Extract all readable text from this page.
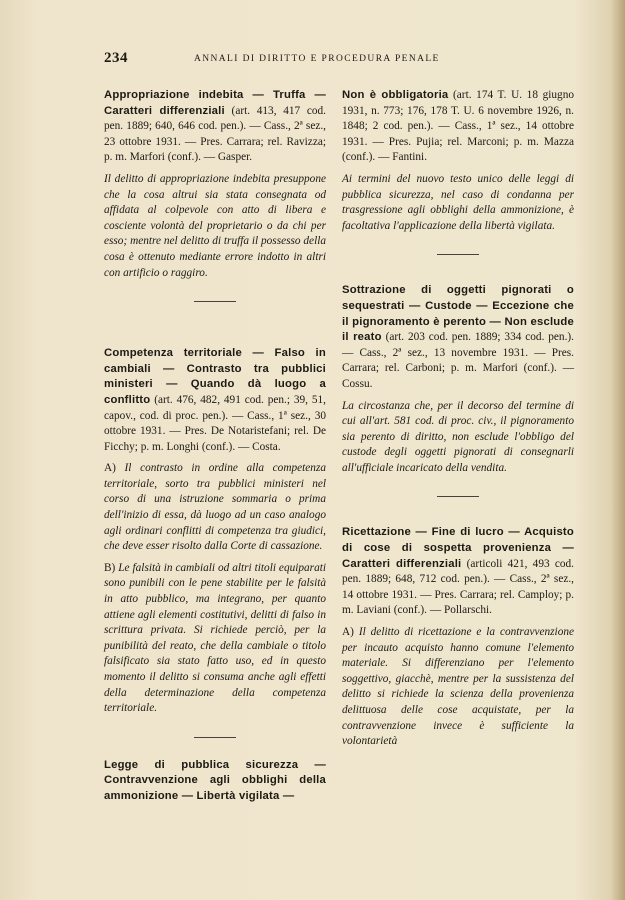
234	ANNALI DI DIRITTO E PROCEDURA PENALE

Appropriazione indebita — Truffa — Caratteri differenziali (art. 413, 417 cod. pen. 1889; 640, 646 cod. pen.). — Cass., 2ª sez., 23 ottobre 1931. — Pres. Carrara; rel. Ravizza; p. m. Marfori (conf.). — Gasper.

Il delitto di appropriazione indebita presuppone che la cosa altrui sia stata consegnata od affidata al colpevole con atto di libera e cosciente volontà del proprietario o da chi per esso; mentre nel delitto di truffa il possesso della cosa è ottenuto mediante errore indotto in altri con artificio o raggiro.

Competenza territoriale — Falso in cambiali — Contrasto tra pubblici ministeri — Quando dà luogo a conflitto (art. 476, 482, 491 cod. pen.; 39, 51, capov., cod. di proc. pen.). — Cass., 1ª sez., 30 ottobre 1931. — Pres. De Notaristefani; rel. De Ficchy; p. m. Longhi (conf.). — Costa.

A) Il contrasto in ordine alla competenza territoriale, sorto tra pubblici ministeri nel corso di una istruzione sommaria o prima dell'inizio di essa, dà luogo ad un caso analogo agli ordinari conflitti di competenza tra giudici, che deve esser risolto dalla Corte di cassazione.

B) Le falsità in cambiali od altri titoli equiparati sono punibili con le pene stabilite per le falsità in atto pubblico, ma integrano, per quanto attiene agli elementi costitutivi, delitti di falso in scrittura privata. Si richiede perciò, per la punibilità del reato, che della cambiale o titolo falsificato sia stato fatto uso, ed in questo momento il delitto si consuma anche agli effetti della determinazione della competenza territoriale.

Legge di pubblica sicurezza — Contravvenzione agli obblighi della ammonizione — Libertà vigilata —

Non è obbligatoria (art. 174 T. U. 18 giugno 1931, n. 773; 176, 178 T. U. 6 novembre 1926, n. 1848; 2 cod. pen.). — Cass., 1ª sez., 14 ottobre 1931. — Pres. Pujia; rel. Marconi; p. m. Mazza (conf.). — Fantini.

Ai termini del nuovo testo unico delle leggi di pubblica sicurezza, nel caso di condanna per trasgressione agli obblighi della ammonizione, è facoltativa l'applicazione della libertà vigilata.

Sottrazione di oggetti pignorati o sequestrati — Custode — Eccezione che il pignoramento è perento — Non esclude il reato (art. 203 cod. pen. 1889; 334 cod. pen.). — Cass., 2ª sez., 13 novembre 1931. — Pres. Carrara; rel. Carboni; p. m. Marfori (conf.). — Cossu.

La circostanza che, per il decorso del termine di cui all'art. 581 cod. di proc. civ., il pignoramento sia perento di diritto, non esclude l'obbligo del custode degli oggetti pignorati di consegnarli all'ufficiale incaricato della vendita.

Ricettazione — Fine di lucro — Acquisto di cose di sospetta provenienza — Caratteri differenziali (articoli 421, 493 cod. pen. 1889; 648, 712 cod. pen.). — Cass., 2ª sez., 14 ottobre 1931. — Pres. Carrara; rel. Camploy; p. m. Laviani (conf.). — Pollarschi.

A) Il delitto di ricettazione e la contravvenzione per incauto acquisto hanno comune l'elemento materiale. Si differenziano per l'elemento soggettivo, giacchè, mentre per la sussistenza del delitto si richiede la scienza della provenienza delittuosa delle cose acquistate, per la contravvenzione invece è sufficiente la volontarietà
